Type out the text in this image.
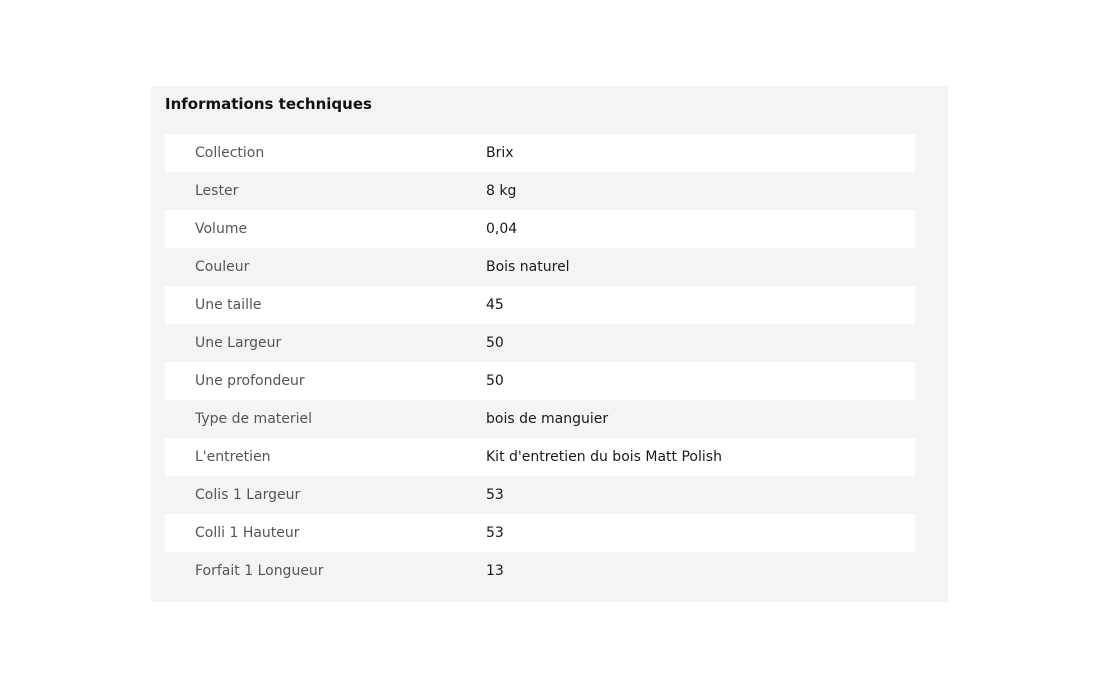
Informations techniques
Collection	Brix
Lester	8 kg
Volume	0,04
Couleur	Bois naturel
Une taille	45
Une Largeur	50
Une profondeur	50
Type de materiel	bois de manguier
L'entretien	Kit d'entretien du bois Matt Polish
Colis 1 Largeur	53
Colli 1 Hauteur	53
Forfait 1 Longueur	13
